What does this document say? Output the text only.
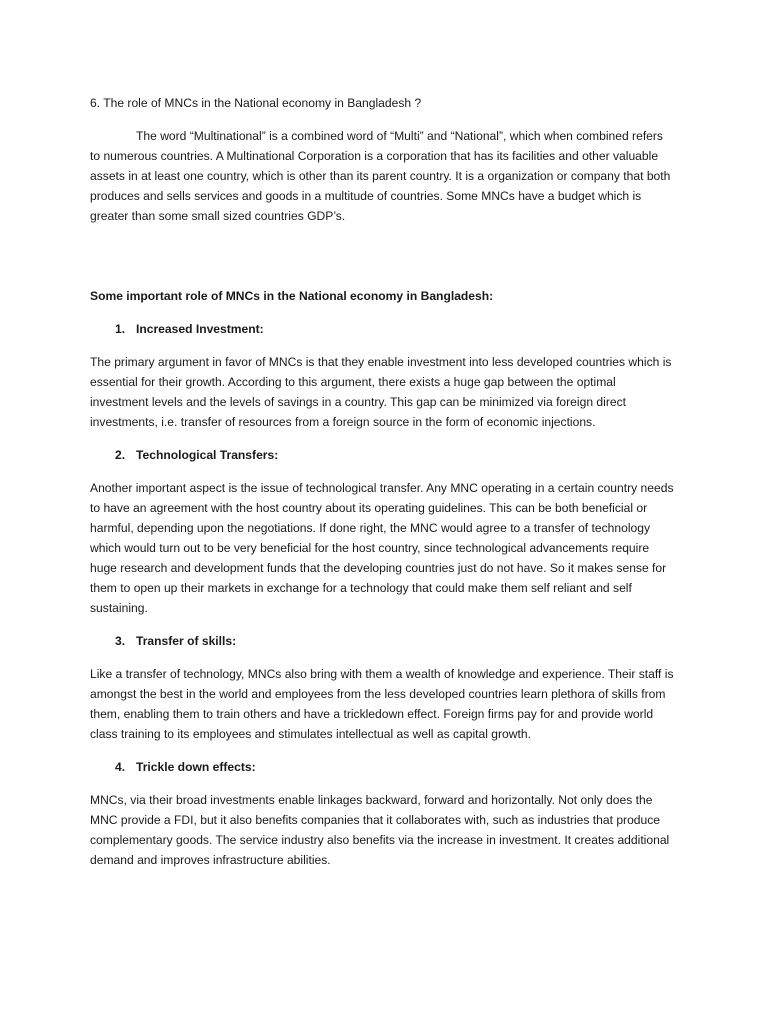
6. The role of MNCs in the National economy in Bangladesh ?

The word “Multinational” is a combined word of “Multi” and “National”, which when combined refers to numerous countries. A Multinational Corporation is a corporation that has its facilities and other valuable assets in at least one country, which is other than its parent country. It is a organization or company that both produces and sells services and goods in a multitude of countries. Some MNCs have a budget which is greater than some small sized countries GDP’s.

Some important role of MNCs in the National economy in Bangladesh:

1. Increased Investment:

The primary argument in favor of MNCs is that they enable investment into less developed countries which is essential for their growth. According to this argument, there exists a huge gap between the optimal investment levels and the levels of savings in a country. This gap can be minimized via foreign direct investments, i.e. transfer of resources from a foreign source in the form of economic injections.

2. Technological Transfers:

Another important aspect is the issue of technological transfer. Any MNC operating in a certain country needs to have an agreement with the host country about its operating guidelines. This can be both beneficial or harmful, depending upon the negotiations. If done right, the MNC would agree to a transfer of technology which would turn out to be very beneficial for the host country, since technological advancements require huge research and development funds that the developing countries just do not have. So it makes sense for them to open up their markets in exchange for a technology that could make them self reliant and self sustaining.

3. Transfer of skills:

Like a transfer of technology, MNCs also bring with them a wealth of knowledge and experience. Their staff is amongst the best in the world and employees from the less developed countries learn plethora of skills from them, enabling them to train others and have a trickledown effect. Foreign firms pay for and provide world class training to its employees and stimulates intellectual as well as capital growth.

4. Trickle down effects:

MNCs, via their broad investments enable linkages backward, forward and horizontally. Not only does the MNC provide a FDI, but it also benefits companies that it collaborates with, such as industries that produce complementary goods. The service industry also benefits via the increase in investment. It creates additional demand and improves infrastructure abilities.
